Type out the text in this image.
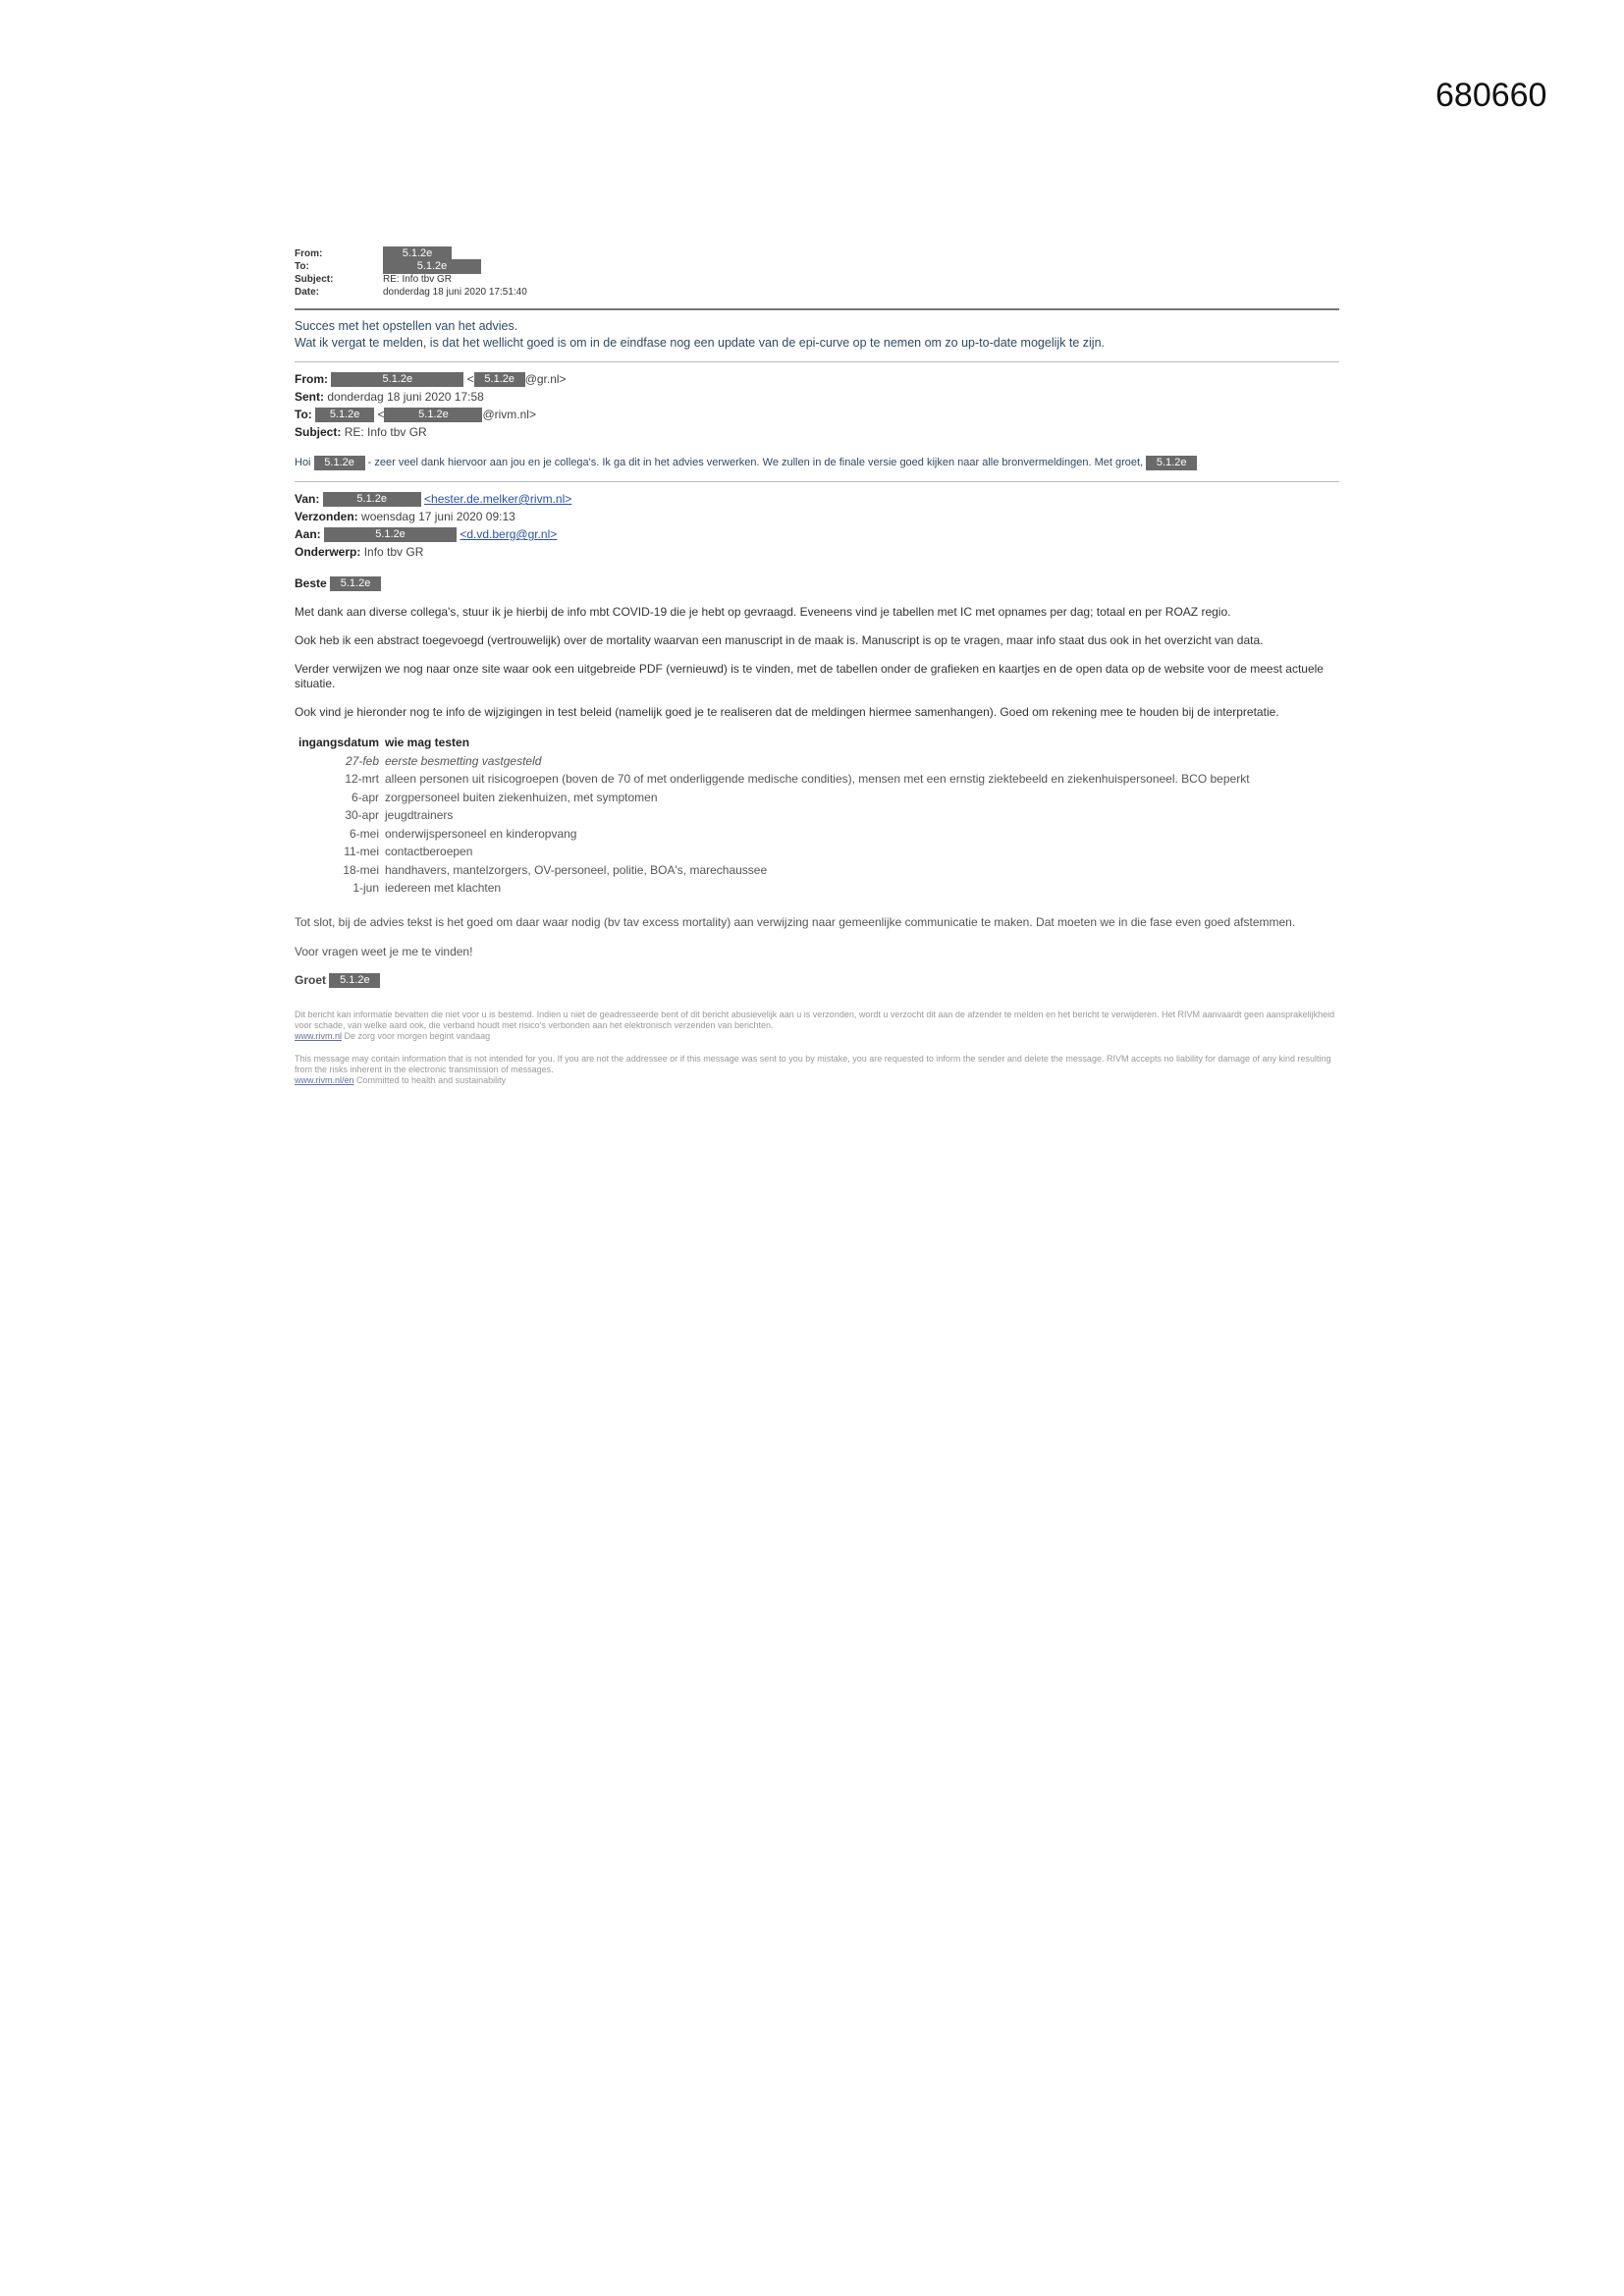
680660
From:	5.1.2e
To:	5.1.2e
Subject:	RE: Info tbv GR
Date:	donderdag 18 juni 2020 17:51:40
Succes met het opstellen van het advies.
Wat ik vergat te melden, is dat het wellicht goed is om in de eindfase nog een update van de epi-curve op te nemen om zo up-to-date mogelijk te zijn.
From:	5.1.2e	< 5.1.2e @gr.nl>
Sent: donderdag 18 juni 2020 17:58
To: 5.1.2e <	5.1.2e	@rivm.nl>
Subject: RE: Info tbv GR
Hoi 5.1.2e - zeer veel dank hiervoor aan jou en je collega's. Ik ga dit in het advies verwerken. We zullen in de finale versie goed kijken naar alle bronvermeldingen. Met groet, 5.1.2e
Van:	5.1.2e	<hester.de.melker@rivm.nl>
Verzonden: woensdag 17 juni 2020 09:13
Aan:	5.1.2e	<d.vd.berg@gr.nl>
Onderwerp: Info tbv GR
Beste 5.1.2e

Met dank aan diverse collega's, stuur ik je hierbij de info mbt COVID-19 die je hebt op gevraagd. Eveneens vind je tabellen met IC met opnames per dag; totaal en per ROAZ regio.

Ook heb ik een abstract toegevoegd (vertrouwelijk) over de mortality waarvan een manuscript in de maak is. Manuscript is op te vragen, maar info staat dus ook in het overzicht van data.

Verder verwijzen we nog naar onze site waar ook een uitgebreide PDF (vernieuwd) is te vinden, met de tabellen onder de grafieken en kaartjes en de open data op de website voor de meest actuele situatie.

Ook vind je hieronder nog te info de wijzigingen in test beleid (namelijk goed je te realiseren dat de meldingen hiermee samenhangen). Goed om rekening mee te houden bij de interpretatie.

ingangsdatum wie mag testen
27-feb eerste besmetting vastgesteld
12-mrt alleen personen uit risicogroepen (boven de 70 of met onderliggende medische condities), mensen met een ernstig ziektebeeld en ziekenhuispersoneel. BCO beperkt
6-apr zorgpersoneel buiten ziekenhuizen, met symptomen
30-apr jeugdtrainers
6-mei onderwijspersoneel en kinderopvang
11-mei contactberoepen
18-mei handhavers, mantelzorgers, OV-personeel, politie, BOA's, marechaussee
1-jun iedereen met klachten

Tot slot, bij de advies tekst is het goed om daar waar nodig (bv tav excess mortality) aan verwijzing naar gemeenlijke communicatie te maken. Dat moeten we in die fase even goed afstemmen.

Voor vragen weet je me te vinden!

Groet 5.1.2e
Dit bericht kan informatie bevatten die niet voor u is bestemd. Indien u niet de geadresseerde bent of dit bericht abusievelijk aan u is verzonden, wordt u verzocht dit aan de afzender te melden en het bericht te verwijderen. Het RIVM aanvaardt geen aansprakelijkheid voor schade, van welke aard ook, die verband houdt met risico's verbonden aan het elektronisch verzenden van berichten.
www.rivm.nl De zorg voor morgen begint vandaag
This message may contain information that is not intended for you. If you are not the addressee or if this message was sent to you by mistake, you are requested to inform the sender and delete the message. RIVM accepts no liability for damage of any kind resulting from the risks inherent in the electronic transmission of messages.
www.rivm.nl/en Committed to health and sustainability
